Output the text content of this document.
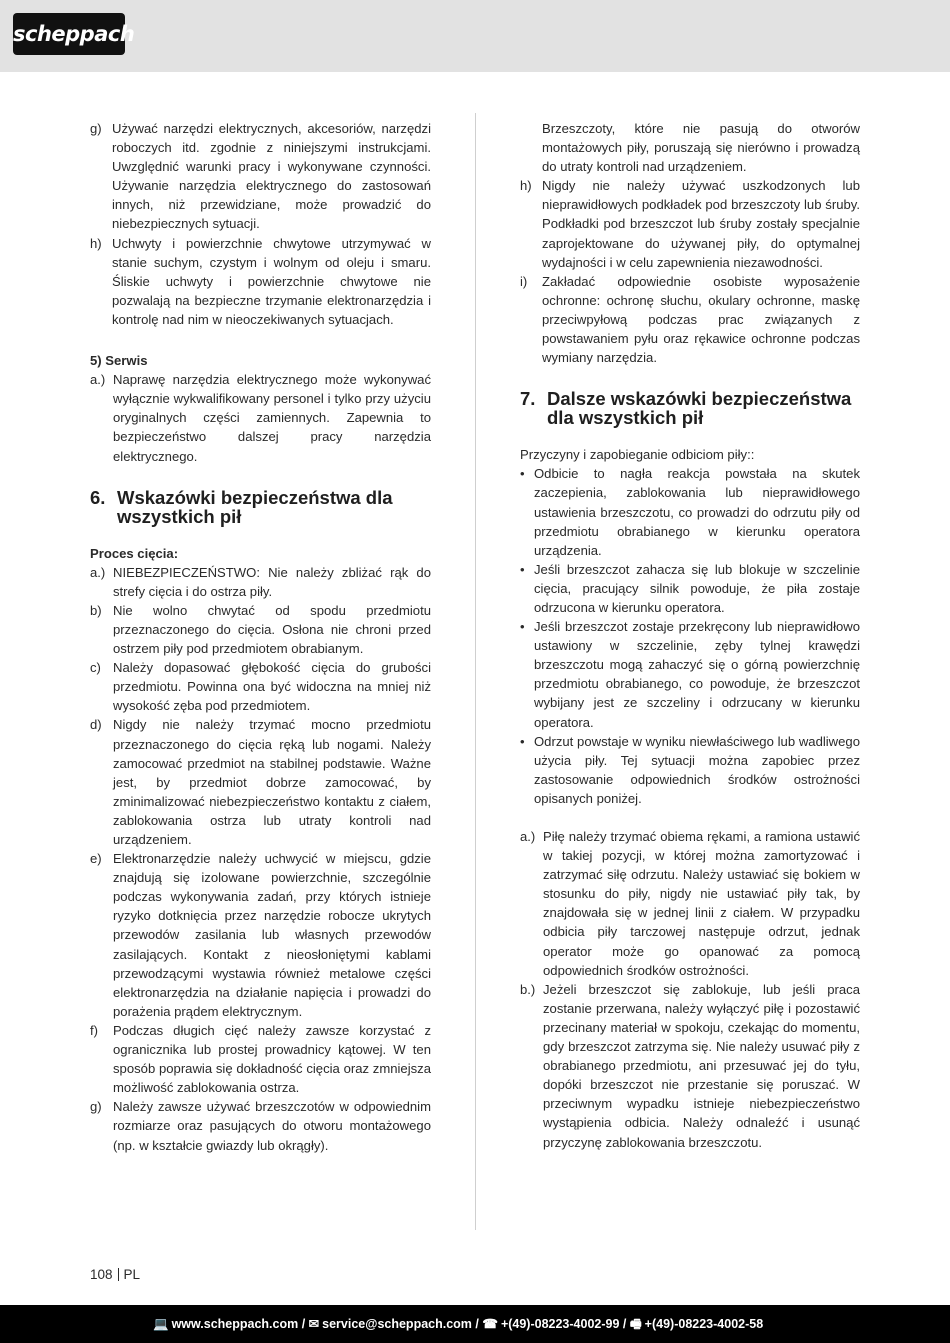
scheppach
g) Używać narzędzi elektrycznych, akcesoriów, narzędzi roboczych itd. zgodnie z niniejszymi instrukcjami. Uwzględnić warunki pracy i wykonywane czynności. Używanie narzędzia elektrycznego do zastosowań innych, niż przewidziane, może prowadzić do niebezpiecznych sytuacji.
h) Uchwyty i powierzchnie chwytowe utrzymywać w stanie suchym, czystym i wolnym od oleju i smaru. Śliskie uchwyty i powierzchnie chwytowe nie pozwalają na bezpieczne trzymanie elektronarzędzia i kontrolę nad nim w nieoczekiwanych sytuacjach.
5) Serwis
a.) Naprawę narzędzia elektrycznego może wykonywać wyłącznie wykwalifikowany personel i tylko przy użyciu oryginalnych części zamiennych. Zapewnia to bezpieczeństwo dalszej pracy narzędzia elektrycznego.
6. Wskazówki bezpieczeństwa dla wszystkich pił
Proces cięcia:
a.) NIEBEZPIECZEŃSTWO: Nie należy zbliżać rąk do strefy cięcia i do ostrza piły.
b) Nie wolno chwytać od spodu przedmiotu przeznaczonego do cięcia. Osłona nie chroni przed ostrzem piły pod przedmiotem obrabianym.
c) Należy dopasować głębokość cięcia do grubości przedmiotu. Powinna ona być widoczna na mniej niż wysokość zęba pod przedmiotem.
d) Nigdy nie należy trzymać mocno przedmiotu przeznaczonego do cięcia ręką lub nogami. Należy zamocować przedmiot na stabilnej podstawie. Ważne jest, by przedmiot dobrze zamocować, by zminimalizować niebezpieczeństwo kontaktu z ciałem, zablokowania ostrza lub utraty kontroli nad urządzeniem.
e) Elektronarzędzie należy uchwycić w miejscu, gdzie znajdują się izolowane powierzchnie, szczególnie podczas wykonywania zadań, przy których istnieje ryzyko dotknięcia przez narzędzie robocze ukrytych przewodów zasilania lub własnych przewodów zasilających. Kontakt z nieosłoniętymi kablami przewodzącymi wystawia również metalowe części elektronarzędzia na działanie napięcia i prowadzi do porażenia prądem elektrycznym.
f)	Podczas długich cięć należy zawsze korzystać z ogranicznika lub prostej prowadnicy kątowej. W ten sposób poprawia się dokładność cięcia oraz zmniejsza możliwość zablokowania ostrza.
g) Należy zawsze używać brzeszczotów w odpowiednim rozmiarze oraz pasujących do otworu montażowego (np. w kształcie gwiazdy lub okrągły).
Brzeszczoty, które nie pasują do otworów montażowych piły, poruszają się nierówno i prowadzą do utraty kontroli nad urządzeniem.
h) Nigdy nie należy używać uszkodzonych lub nieprawidłowych podkładek pod brzeszczoty lub śruby. Podkładki pod brzeszczot lub śruby zostały specjalnie zaprojektowane do używanej piły, do optymalnej wydajności i w celu zapewnienia niezawodności.
i)	Zakładać odpowiednie osobiste wyposażenie ochronne: ochronę słuchu, okulary ochronne, maskę przeciwpyłową podczas prac związanych z powstawaniem pyłu oraz rękawice ochronne podczas wymiany narzędzia.
7. Dalsze wskazówki bezpieczeństwa dla wszystkich pił
Przyczyny i zapobieganie odbiciom piły::
• Odbicie to nagła reakcja powstała na skutek zaczepienia, zablokowania lub nieprawidłowego ustawienia brzeszczotu, co prowadzi do odrzutu piły od przedmiotu obrabianego w kierunku operatora urządzenia.
• Jeśli brzeszczot zahacza się lub blokuje w szczelinie cięcia, pracujący silnik powoduje, że piła zostaje odrzucona w kierunku operatora.
• Jeśli brzeszczot zostaje przekręcony lub nieprawidłowo ustawiony w szczelinie, zęby tylnej krawędzi brzeszczotu mogą zahaczyć się o górną powierzchnię przedmiotu obrabianego, co powoduje, że brzeszczot wybijany jest ze szczeliny i odrzucany w kierunku operatora.
• Odrzut powstaje w wyniku niewłaściwego lub wadliwego użycia piły. Tej sytuacji można zapobiec przez zastosowanie odpowiednich środków ostrożności opisanych poniżej.
a.) Piłę należy trzymać obiema rękami, a ramiona ustawić w takiej pozycji, w której można zamortyzować i zatrzymać siłę odrzutu. Należy ustawiać się bokiem w stosunku do piły, nigdy nie ustawiać piły tak, by znajdowała się w jednej linii z ciałem. W przypadku odbicia piły tarczowej następuje odrzut, jednak operator może go opanować za pomocą odpowiednich środków ostrożności.
b.) Jeżeli brzeszczot się zablokuje, lub jeśli praca zostanie przerwana, należy wyłączyć piłę i pozostawić przecinany materiał w spokoju, czekając do momentu, gdy brzeszczot zatrzyma się. Nie należy usuwać piły z obrabianego przedmiotu, ani przesuwać jej do tyłu, dopóki brzeszczot nie przestanie się poruszać. W przeciwnym wypadku istnieje niebezpieczeństwo wystąpienia odbicia. Należy odnaleźć i usunąć przyczynę zablokowania brzeszczotu.
108 PL
💻 www.scheppach.com / ✉ service@scheppach.com / ☎ +(49)-08223-4002-99 / 🖷 +(49)-08223-4002-58
